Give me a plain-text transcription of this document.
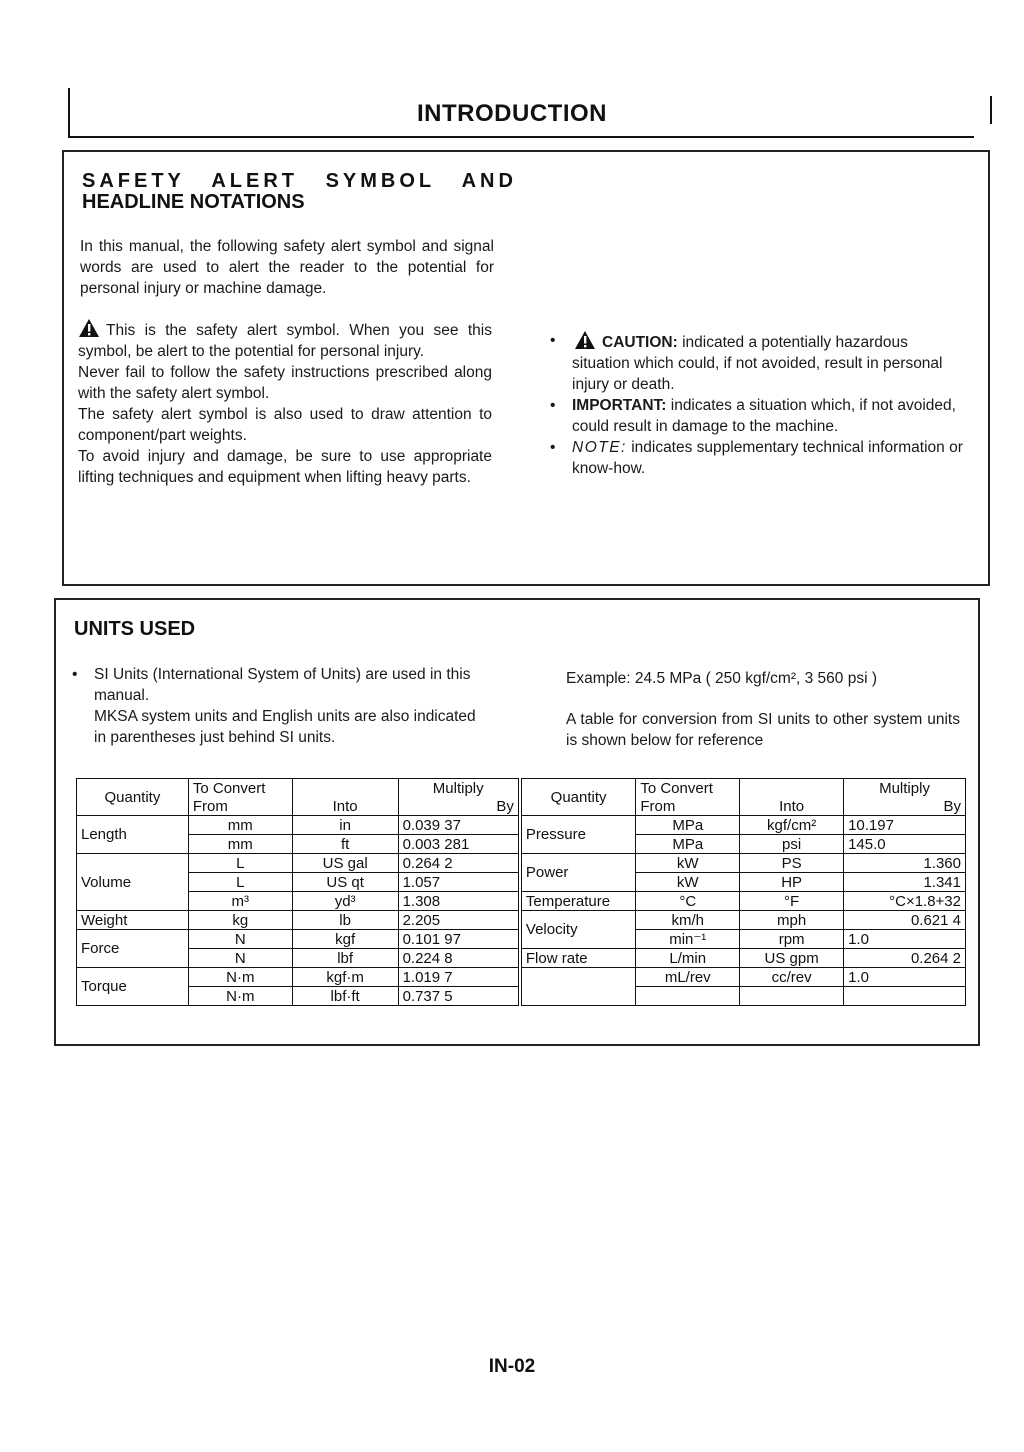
INTRODUCTION
SAFETY ALERT SYMBOL AND
HEADLINE NOTATIONS
In this manual, the following safety alert symbol and signal words are used to alert the reader to the potential for personal injury or machine damage.
This is the safety alert symbol. When you see this symbol, be alert to the potential for personal injury.
Never fail to follow the safety instructions prescribed along with the safety alert symbol.
The safety alert symbol is also used to draw attention to component/part weights.
To avoid injury and damage, be sure to use appropriate lifting techniques and equipment when lifting heavy parts.
•	CAUTION: indicated a potentially hazardous situation which could, if not avoided, result in personal injury or death.
• IMPORTANT: indicates a situation which, if not avoided, could result in damage to the machine.
• NOTE: indicates supplementary technical information or know-how.
UNITS USED
• SI Units (International System of Units) are used in this manual.
MKSA system units and English units are also indicated in parentheses just behind SI units.
Example: 24.5 MPa ( 250 kgf/cm², 3 560 psi )
A table for conversion from SI units to other system units is shown below for reference
Quantity	To Convert	Into	Multiply	Quantity	To Convert	Into	Multiply
	From		By		From		By
Length	mm	in	0.039 37	Pressure	MPa	kgf/cm²	10.197
	mm	ft	0.003 281		MPa	psi	145.0
Volume	L	US gal	0.264 2	Power	kW	PS	1.360
	L	US qt	1.057		kW	HP	1.341
	m³	yd³	1.308	Temperature	°C	°F	°C×1.8+32
Weight	kg	lb	2.205	Velocity	km/h	mph	0.621 4
Force	N	kgf	0.101 97		min⁻¹	rpm	1.0
	N	lbf	0.224 8	Flow rate	L/min	US gpm	0.264 2
Torque	N·m	kgf·m	1.019 7		mL/rev	cc/rev	1.0
	N·m	lbf·ft	0.737 5				
IN-02
